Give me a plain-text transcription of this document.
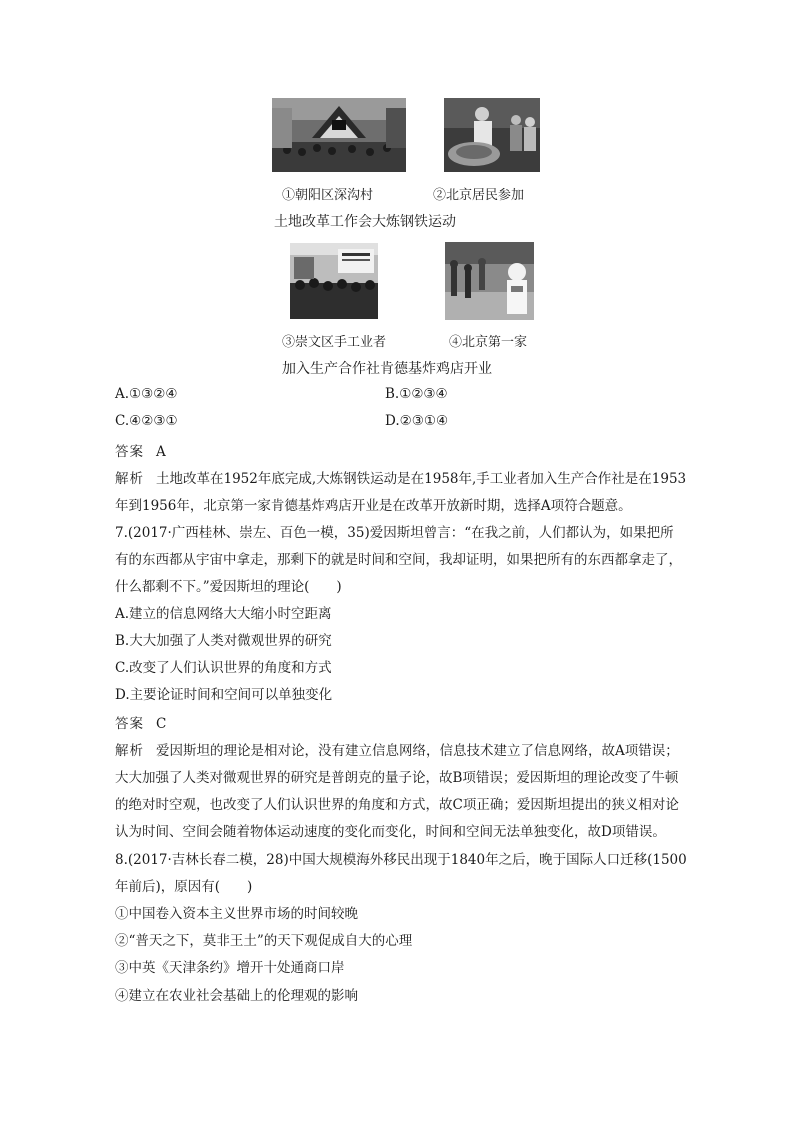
①朝阳区深沟村	②北京居民参加
土地改革工作会大炼钢铁运动
③崇文区手工业者	④北京第一家
加入生产合作社肯德基炸鸡店开业
A.①③②④	B.①②③④
C.④②③①	D.②③①④
答案 A
解析 土地改革在1952年底完成,大炼钢铁运动是在1958年,手工业者加入生产合作社是在1953
年到1956年，北京第一家肯德基炸鸡店开业是在改革开放新时期，选择A项符合题意。
7.(2017·广西桂林、崇左、百色一模，35)爱因斯坦曾言：“在我之前，人们都认为，如果把所
有的东西都从宇宙中拿走，那剩下的就是时间和空间，我却证明，如果把所有的东西都拿走了，
什么都剩不下。”爱因斯坦的理论(　　)
A.建立的信息网络大大缩小时空距离
B.大大加强了人类对微观世界的研究
C.改变了人们认识世界的角度和方式
D.主要论证时间和空间可以单独变化
答案 C
解析 爱因斯坦的理论是相对论，没有建立信息网络，信息技术建立了信息网络，故A项错误；
大大加强了人类对微观世界的研究是普朗克的量子论，故B项错误；爱因斯坦的理论改变了牛顿
的绝对时空观，也改变了人们认识世界的角度和方式，故C项正确；爱因斯坦提出的狭义相对论
认为时间、空间会随着物体运动速度的变化而变化，时间和空间无法单独变化，故D项错误。
8.(2017·吉林长春二模，28)中国大规模海外移民出现于1840年之后，晚于国际人口迁移(1500
年前后)，原因有(　　)
①中国卷入资本主义世界市场的时间较晚
②“普天之下，莫非王土”的天下观促成自大的心理
③中英《天津条约》增开十处通商口岸
④建立在农业社会基础上的伦理观的影响
